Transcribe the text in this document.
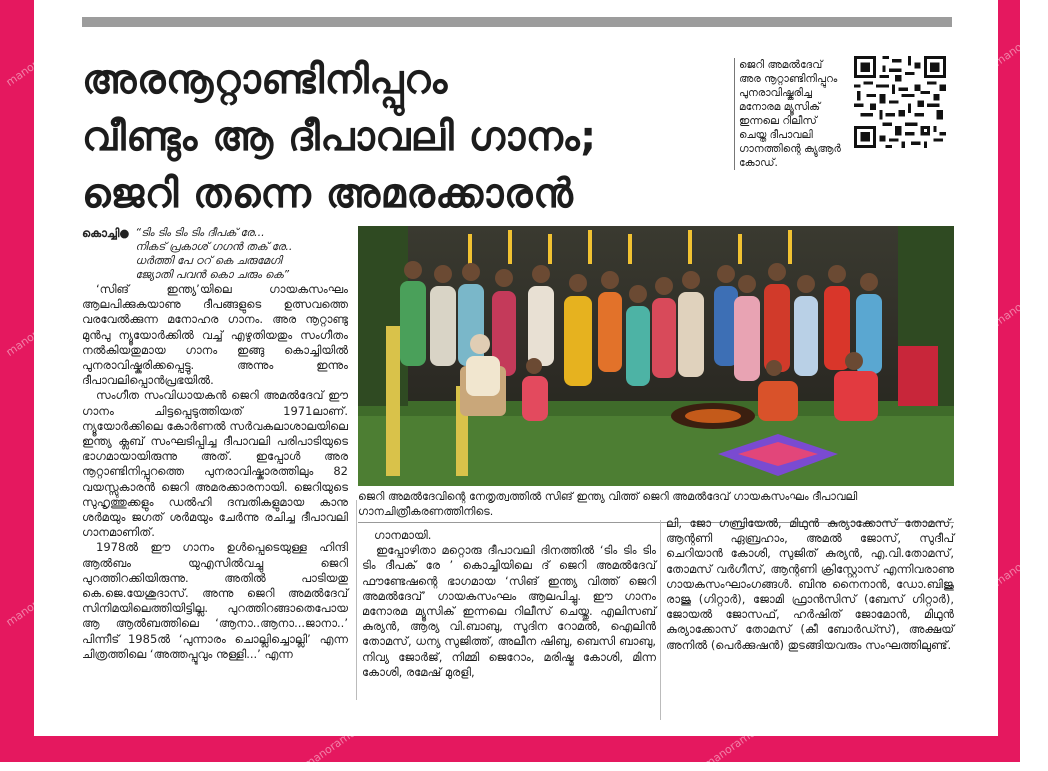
manorama
manorama
manorama
manorama
manorama
manorama
manorama	manorama
അരനൂറ്റാണ്ടിനിപ്പുറം
വീണ്ടും ആ ദീപാവലി ഗാനം;
ജെറി തന്നെ അമരക്കാരൻ
ജെറി അമൽദേവ് അര നൂറ്റാണ്ടിനിപ്പുറം പുനരാവിഷ്കരിച്ച മനോരമ മ്യൂസിക് ഇന്നലെ റിലീസ് ചെയ്ത ദീപാവലി ഗാനത്തിന്റെ ക്യുആർ കോഡ്.
കൊച്ചി● “ടിം ടിം ടിം ടിം ദീപക് രേ...
നികട് പ്രകാശ് ഗഗൻ തക് രേ..
ധർത്തി പേ ഠറ് കെ ചരുമേഗി
ജ്യോതി പവൻ കൊ ചരും കെ”

‘സിങ് ഇന്ത്യ’യിലെ ഗായകസംഘം ആലപിക്കുകയാണു ദീപങ്ങളുടെ ഉത്സവത്തെ വരവേൽക്കുന്ന മനോഹര ഗാനം. അര നൂറ്റാണ്ടു മുൻപു ന്യൂയോർക്കിൽ വച്ച് എഴുതിയതും സംഗീതം നൽകിയതുമായ ഗാനം ഇങ്ങു കൊച്ചിയിൽ പുനരാവിഷ്കരിക്കപ്പെട്ടു. അന്നും ഇന്നും ദീപാവലിപ്പൊൻപ്രഭയിൽ.

സംഗീത സംവിധായകൻ ജെറി അമൽദേവ് ഈ ഗാനം ചിട്ടപ്പെടുത്തിയത് 1971ലാണ്. ന്യൂയോർക്കിലെ കോർണൽ സർവകലാശാലയിലെ ഇന്ത്യ ക്ലബ് സംഘടിപ്പിച്ച ദീപാവലി പരിപാടിയുടെ ഭാഗമായായിരുന്നു അത്. ഇപ്പോൾ അര നൂറ്റാണ്ടിനിപ്പുറത്തെ പുനരാവിഷ്കാരത്തിലും 82 വയസ്സുകാരൻ ജെറി അമരക്കാരനായി. ജെറിയുടെ സുഹൃത്തുക്കളും ഡൽഹി ദമ്പതികളുമായ കാനു ശർമയും ജഗത് ശർമയും ചേർന്നു രചിച്ച ദീപാവലി ഗാനമാണിത്.

1978ൽ ഈ ഗാനം ഉൾപ്പെടെയുള്ള ഹിന്ദി ആൽബം യുഎസിൽവച്ചു ജെറി പുറത്തിറക്കിയിരുന്നു. അതിൽ പാടിയതു കെ.ജെ.യേശുദാസ്. അന്നു ജെറി അമൽദേവ് സിനിമയിലെത്തിയിട്ടില്ല. പുറത്തിറങ്ങാതെപോയ ആ ആൽബത്തിലെ ‘ആനാ..ആനാ...ജാനാ..’ പിന്നീട് 1985ൽ ‘പുന്നാരം ചൊല്ലിച്ചൊല്ലി’ എന്ന ചിത്രത്തിലെ ‘അത്തപ്പൂവും നുള്ളി...’ എന്ന

ജെറി അമൽദേവിന്റെ നേതൃത്വത്തിൽ സിങ് ഇന്ത്യ വിത്ത് ജെറി അമൽദേവ് ഗായകസംഘം ദീപാവലി ഗാനചിത്രീകരണത്തിനിടെ.

ഗാനമായി.

ഇപ്പോഴിതാ മറ്റൊരു ദീപാവലി ദിനത്തിൽ ‘ടിം ടിം ടിം ടിം ദീപക് രേ ’ കൊച്ചിയിലെ ദ് ജെറി അമൽദേവ് ഫൗണ്ടേഷന്റെ ഭാഗമായ ‘സിങ് ഇന്ത്യ വിത്ത് ജെറി അമൽദേവ്’ ഗായകസംഘം ആലപിച്ചു. ഈ ഗാനം മനോരമ മ്യൂസിക് ഇന്നലെ റിലീസ് ചെയ്തു. എലിസബ് കുര്യൻ, ആര്യ വി.ബാബു, സുദിന റോമൽ, ഐലിൻ തോമസ്, ധന്യ സുജിത്ത്, അലീന ഷിബു, ബെസി ബാബു, നിവ്യ ജോർജ്, നിമ്മി ജെറോം, മരിഷ്മ കോശി, മിന്ന കോശി, രമേഷ് മുരളി,

ലി, ജോ ഗബ്രിയേൽ, മിഥുൻ കുര്യാക്കോസ് തോമസ്, ആന്റണി ഏബ്രഹാം, അമൽ ജോസ്, സുദീപ് ചെറിയാൻ കോശി, സുജിത് കുര്യൻ, എ.വി.തോമസ്, തോമസ് വർഗീസ്, ആന്റണി ക്രിസ്റ്റോസ് എന്നിവരാണു ഗായകസംഘാംഗങ്ങൾ. ബിനു നൈനാൻ, ഡോ.ബിജു രാജു (ഗിറ്റാർ), ജോമി ഫ്രാൻസിസ് (ബേസ് ഗിറ്റാർ), ജോയൽ ജോസഫ്, ഹർഷിത് ജോമോൻ, മിഥുൻ കുര്യാക്കോസ് തോമസ് (കീ ബോർഡ്സ്), അക്ഷയ് അനിൽ (പെർക്കുഷൻ) തുടങ്ങിയവരും സംഘത്തിലുണ്ട്.
